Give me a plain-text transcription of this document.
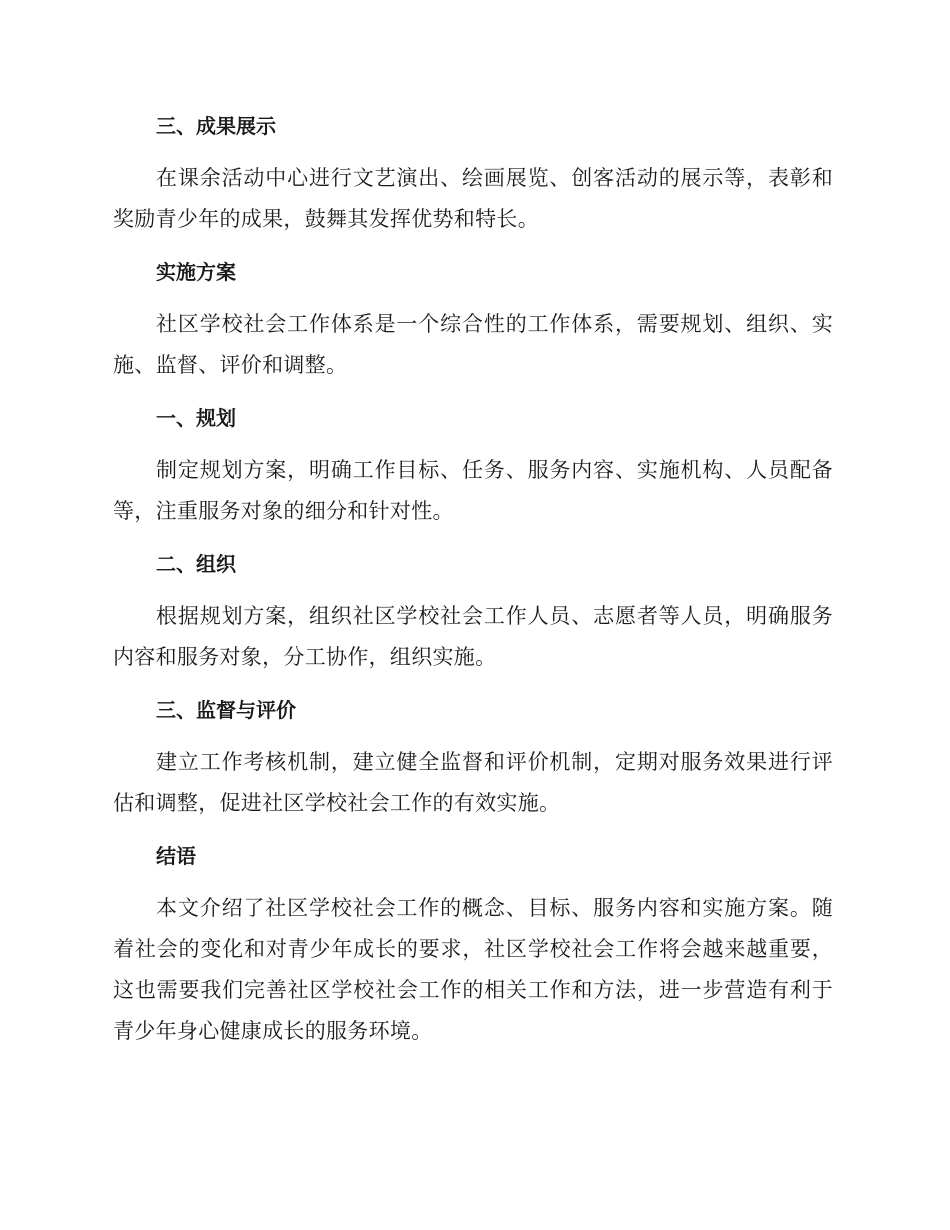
三、成果展示

在课余活动中心进行文艺演出、绘画展览、创客活动的展示等，表彰和奖励青少年的成果，鼓舞其发挥优势和特长。

实施方案

社区学校社会工作体系是一个综合性的工作体系，需要规划、组织、实施、监督、评价和调整。

一、规划

制定规划方案，明确工作目标、任务、服务内容、实施机构、人员配备等，注重服务对象的细分和针对性。

二、组织

根据规划方案，组织社区学校社会工作人员、志愿者等人员，明确服务内容和服务对象，分工协作，组织实施。

三、监督与评价

建立工作考核机制，建立健全监督和评价机制，定期对服务效果进行评估和调整，促进社区学校社会工作的有效实施。

结语

本文介绍了社区学校社会工作的概念、目标、服务内容和实施方案。随着社会的变化和对青少年成长的要求，社区学校社会工作将会越来越重要，这也需要我们完善社区学校社会工作的相关工作和方法，进一步营造有利于青少年身心健康成长的服务环境。
